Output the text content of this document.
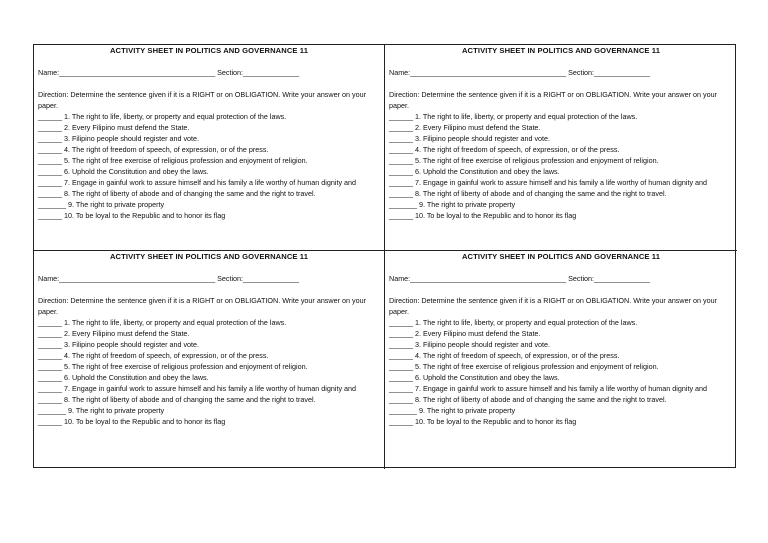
ACTIVITY SHEET IN POLITICS AND GOVERNANCE 11
Name:_______________________________________ Section:______________
Direction: Determine the sentence given if it is a RIGHT or on OBLIGATION. Write your answer on your paper.
______ 1. The right to life, liberty, or property and equal protection of the laws.
______ 2. Every Filipino must defend the State.
______ 3. Filipino people should register and vote.
______ 4. The right of freedom of speech, of expression, or of the press.
______ 5. The right of free exercise of religious profession and enjoyment of religion.
______ 6. Uphold the Constitution and obey the laws.
______ 7. Engage in gainful work to assure himself and his family a life worthy of human dignity and
______ 8. The right of liberty of abode and of changing the same and the right to travel.
_______ 9. The right to private property
______ 10. To be loyal to the Republic and to honor its flag
ACTIVITY SHEET IN POLITICS AND GOVERNANCE 11
Name:_______________________________________ Section:______________
Direction: Determine the sentence given if it is a RIGHT or on OBLIGATION. Write your answer on your paper.
______ 1. The right to life, liberty, or property and equal protection of the laws.
______ 2. Every Filipino must defend the State.
______ 3. Filipino people should register and vote.
______ 4. The right of freedom of speech, of expression, or of the press.
______ 5. The right of free exercise of religious profession and enjoyment of religion.
______ 6. Uphold the Constitution and obey the laws.
______ 7. Engage in gainful work to assure himself and his family a life worthy of human dignity and
______ 8. The right of liberty of abode and of changing the same and the right to travel.
_______ 9. The right to private property
______ 10. To be loyal to the Republic and to honor its flag
ACTIVITY SHEET IN POLITICS AND GOVERNANCE 11
Name:_______________________________________ Section:______________
Direction: Determine the sentence given if it is a RIGHT or on OBLIGATION. Write your answer on your paper.
______ 1. The right to life, liberty, or property and equal protection of the laws.
______ 2. Every Filipino must defend the State.
______ 3. Filipino people should register and vote.
______ 4. The right of freedom of speech, of expression, or of the press.
______ 5. The right of free exercise of religious profession and enjoyment of religion.
______ 6. Uphold the Constitution and obey the laws.
______ 7. Engage in gainful work to assure himself and his family a life worthy of human dignity and
______ 8. The right of liberty of abode and of changing the same and the right to travel.
_______ 9. The right to private property
______ 10. To be loyal to the Republic and to honor its flag
ACTIVITY SHEET IN POLITICS AND GOVERNANCE 11
Name:_______________________________________ Section:______________
Direction: Determine the sentence given if it is a RIGHT or on OBLIGATION. Write your answer on your paper.
______ 1. The right to life, liberty, or property and equal protection of the laws.
______ 2. Every Filipino must defend the State.
______ 3. Filipino people should register and vote.
______ 4. The right of freedom of speech, of expression, or of the press.
______ 5. The right of free exercise of religious profession and enjoyment of religion.
______ 6. Uphold the Constitution and obey the laws.
______ 7. Engage in gainful work to assure himself and his family a life worthy of human dignity and
______ 8. The right of liberty of abode and of changing the same and the right to travel.
_______ 9. The right to private property
______ 10. To be loyal to the Republic and to honor its flag
